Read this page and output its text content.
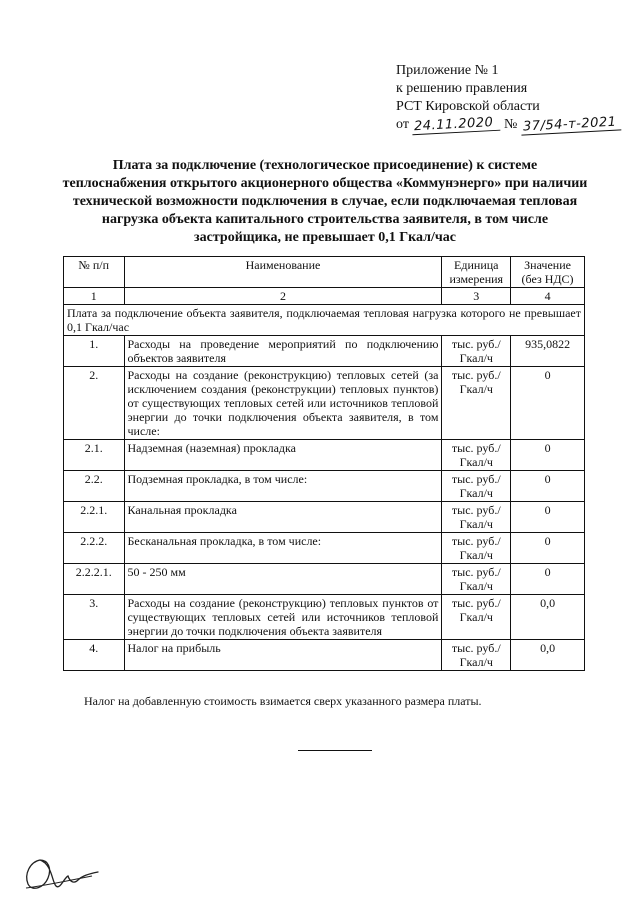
Приложение № 1
к решению правления
РСТ Кировской области
от 24.11.2020 № 37/54-т-2021
Плата за подключение (технологическое присоединение) к системе теплоснабжения открытого акционерного общества «Коммунэнерго» при наличии технической возможности подключения в случае, если подключаемая тепловая нагрузка объекта капитального строительства заявителя, в том числе застройщика, не превышает 0,1 Гкал/час
№ п/п	Наименование	Единица измерения	Значение (без НДС)
1	2	3	4
Плата за подключение объекта заявителя, подключаемая тепловая нагрузка которого не превышает 0,1 Гкал/час			
1.	Расходы на проведение мероприятий по подключению объектов заявителя	тыс. руб./ Гкал/ч	935,0822
2.	Расходы на создание (реконструкцию) тепловых сетей (за исключением создания (реконструкции) тепловых пунктов) от существующих тепловых сетей или источников тепловой энергии до точки подключения объекта заявителя, в том числе:	тыс. руб./ Гкал/ч	0
2.1.	Надземная (наземная) прокладка	тыс. руб./ Гкал/ч	0
2.2.	Подземная прокладка, в том числе:	тыс. руб./ Гкал/ч	0
2.2.1.	Канальная прокладка	тыс. руб./ Гкал/ч	0
2.2.2.	Бесканальная прокладка, в том числе:	тыс. руб./ Гкал/ч	0
2.2.2.1.	50 - 250 мм	тыс. руб./ Гкал/ч	0
3.	Расходы на создание (реконструкцию) тепловых пунктов от существующих тепловых сетей или источников тепловой энергии до точки подключения объекта заявителя	тыс. руб./ Гкал/ч	0,0
4.	Налог на прибыль	тыс. руб./ Гкал/ч	0,0
Налог на добавленную стоимость взимается сверх указанного размера платы.
